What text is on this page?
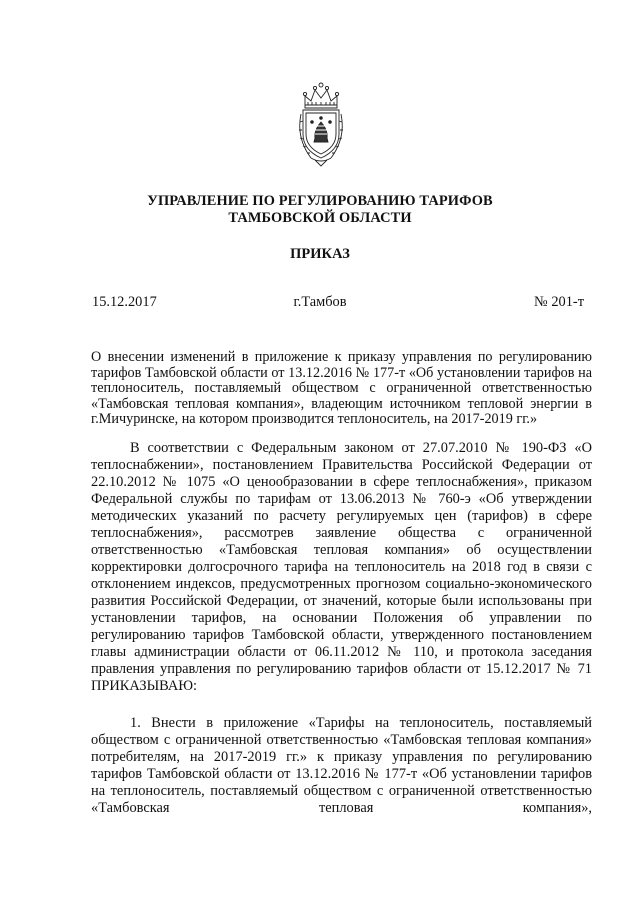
УПРАВЛЕНИЕ ПО РЕГУЛИРОВАНИЮ ТАРИФОВ
ТАМБОВСКОЙ ОБЛАСТИ
ПРИКАЗ
г.Тамбов
15.12.2017	№ 201-т

О внесении изменений в приложение к приказу управления по регулированию тарифов Тамбовской области от 13.12.2016 № 177-т «Об установлении тарифов на теплоноситель, поставляемый обществом с ограниченной ответственностью «Тамбовская тепловая компания», владеющим источником тепловой энергии в г.Мичуринске, на котором производится теплоноситель, на 2017-2019 гг.»

В соответствии с Федеральным законом от 27.07.2010 № 190-ФЗ «О теплоснабжении», постановлением Правительства Российской Федерации от 22.10.2012 № 1075 «О ценообразовании в сфере теплоснабжения», приказом Федеральной службы по тарифам от 13.06.2013 № 760-э «Об утверждении методических указаний по расчету регулируемых цен (тарифов) в сфере теплоснабжения», рассмотрев заявление общества с ограниченной ответственностью «Тамбовская тепловая компания» об осуществлении корректировки долгосрочного тарифа на теплоноситель на 2018 год в связи с отклонением индексов, предусмотренных прогнозом социально-экономического развития Российской Федерации, от значений, которые были использованы при установлении тарифов, на основании Положения об управлении по регулированию тарифов Тамбовской области, утвержденного постановлением главы администрации области от 06.11.2012 № 110, и протокола заседания правления управления по регулированию тарифов области от 15.12.2017 № 71 ПРИКАЗЫВАЮ:

1. Внести в приложение «Тарифы на теплоноситель, поставляемый обществом с ограниченной ответственностью «Тамбовская тепловая компания» потребителям, на 2017-2019 гг.» к приказу управления по регулированию тарифов Тамбовской области от 13.12.2016 № 177-т «Об установлении тарифов на теплоноситель, поставляемый обществом с ограниченной ответственностью «Тамбовская тепловая компания»,
